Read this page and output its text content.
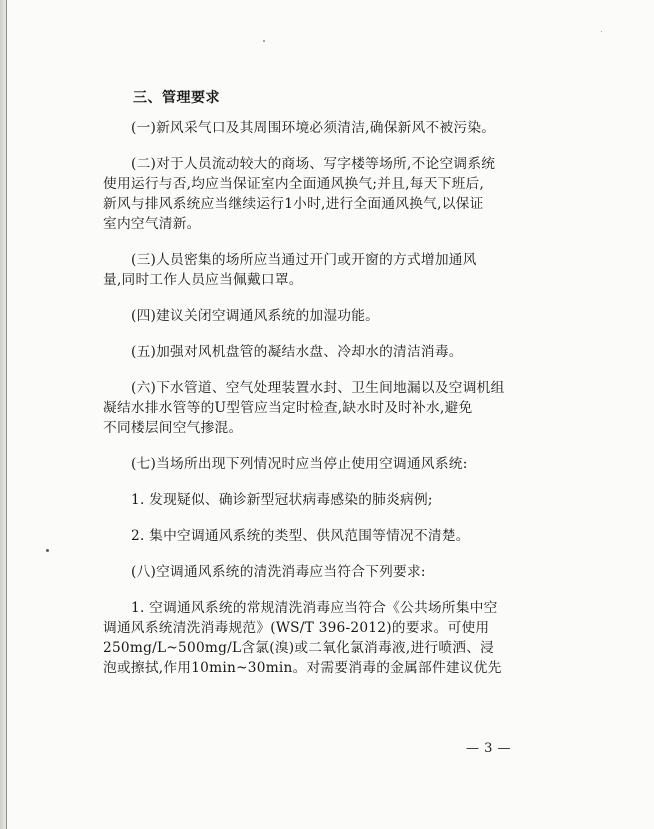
三、管理要求
(一)新风采气口及其周围环境必须清洁,确保新风不被污染。
(二)对于人员流动较大的商场、写字楼等场所,不论空调系统
使用运行与否,均应当保证室内全面通风换气;并且,每天下班后,
新风与排风系统应当继续运行1小时,进行全面通风换气,以保证
室内空气清新。
(三)人员密集的场所应当通过开门或开窗的方式增加通风
量,同时工作人员应当佩戴口罩。
(四)建议关闭空调通风系统的加湿功能。
(五)加强对风机盘管的凝结水盘、冷却水的清洁消毒。
(六)下水管道、空气处理装置水封、卫生间地漏以及空调机组
凝结水排水管等的U型管应当定时检查,缺水时及时补水,避免
不同楼层间空气掺混。
(七)当场所出现下列情况时应当停止使用空调通风系统:
1. 发现疑似、确诊新型冠状病毒感染的肺炎病例;
2. 集中空调通风系统的类型、供风范围等情况不清楚。
(八)空调通风系统的清洗消毒应当符合下列要求:
1. 空调通风系统的常规清洗消毒应当符合《公共场所集中空
调通风系统清洗消毒规范》(WS/T 396-2012)的要求。可使用
250mg/L~500mg/L含氯(溴)或二氧化氯消毒液,进行喷洒、浸
泡或擦拭,作用10min~30min。对需要消毒的金属部件建议优先
— 3 —
